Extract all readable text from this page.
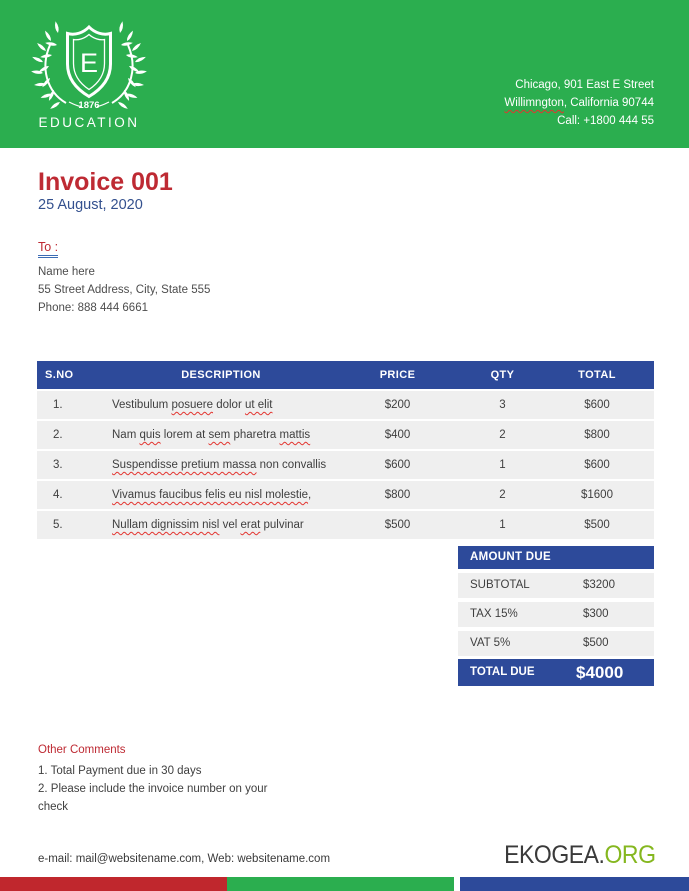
E
1876
EDUCATION
Chicago, 901 East E Street
Willimngton, California 90744
Call: +1800 444 55
Invoice 001
25 August, 2020
To :
Name here
55 Street Address, City, State 555
Phone: 888 444 6661
S.NO	DESCRIPTION	PRICE	QTY	TOTAL
1.	Vestibulum posuere dolor ut elit	$200	3	$600
2.	Nam quis lorem at sem pharetra mattis	$400	2	$800
3.	Suspendisse pretium massa non convallis	$600	1	$600
4.	Vivamus faucibus felis eu nisl molestie,	$800	2	$1600
5.	Nullam dignissim nisl vel erat pulvinar	$500	1	$500
AMOUNT DUE
SUBTOTAL	$3200
TAX 15%	$300
VAT 5%	$500
TOTAL DUE $4000
Other Comments
1. Total Payment due in 30 days
2. Please include the invoice number on your
check
e-mail: mail@websitename.com, Web: websitename.com	EKOGEA.ORG
